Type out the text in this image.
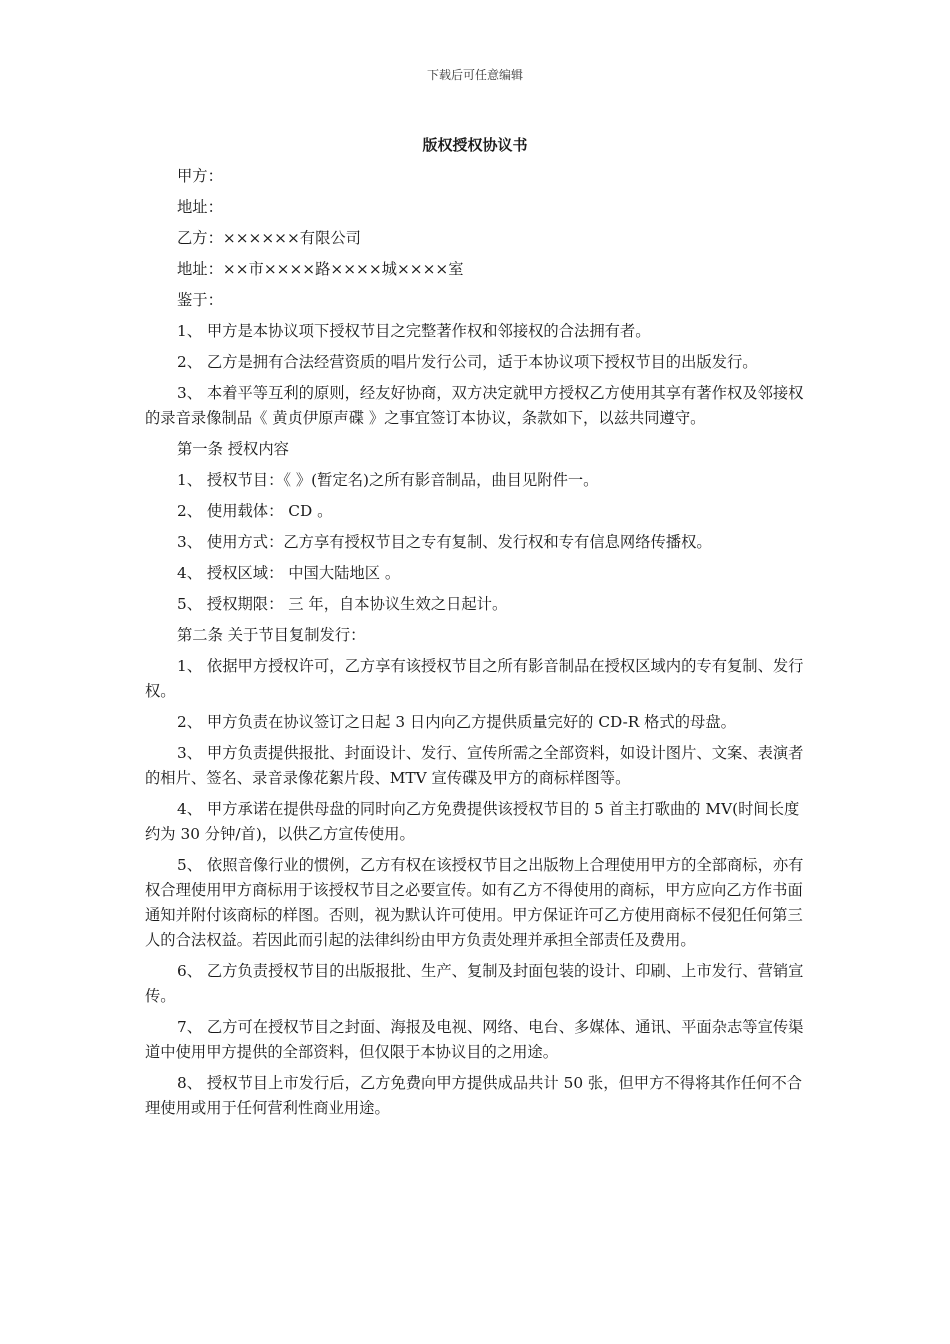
下载后可任意编辑
版权授权协议书

甲方：

地址：

乙方：××××××有限公司

地址：××市××××路××××城××××室

鉴于：

1、 甲方是本协议项下授权节目之完整著作权和邻接权的合法拥有者。

2、 乙方是拥有合法经营资质的唱片发行公司，适于本协议项下授权节目的出版发行。

3、 本着平等互利的原则，经友好协商，双方决定就甲方授权乙方使用其享有著作权及邻接权的录音录像制品《 黄贞伊原声碟 》之事宜签订本协议，条款如下，以兹共同遵守。

第一条 授权内容

1、 授权节目：《 》(暂定名)之所有影音制品，曲目见附件一。

2、 使用载体： CD 。

3、 使用方式：乙方享有授权节目之专有复制、发行权和专有信息网络传播权。

4、 授权区域： 中国大陆地区 。

5、 授权期限： 三 年，自本协议生效之日起计。

第二条 关于节目复制发行：

1、 依据甲方授权许可，乙方享有该授权节目之所有影音制品在授权区域内的专有复制、发行权。

2、 甲方负责在协议签订之日起 3 日内向乙方提供质量完好的 CD-R 格式的母盘。

3、 甲方负责提供报批、封面设计、发行、宣传所需之全部资料，如设计图片、文案、表演者的相片、签名、录音录像花絮片段、MTV 宣传碟及甲方的商标样图等。

4、 甲方承诺在提供母盘的同时向乙方免费提供该授权节目的 5 首主打歌曲的 MV(时间长度约为 30 分钟/首)，以供乙方宣传使用。

5、 依照音像行业的惯例，乙方有权在该授权节目之出版物上合理使用甲方的全部商标，亦有权合理使用甲方商标用于该授权节目之必要宣传。如有乙方不得使用的商标，甲方应向乙方作书面通知并附付该商标的样图。否则，视为默认许可使用。甲方保证许可乙方使用商标不侵犯任何第三人的合法权益。若因此而引起的法律纠纷由甲方负责处理并承担全部责任及费用。

6、 乙方负责授权节目的出版报批、生产、复制及封面包装的设计、印刷、上市发行、营销宣传。

7、 乙方可在授权节目之封面、海报及电视、网络、电台、多媒体、通讯、平面杂志等宣传渠道中使用甲方提供的全部资料，但仅限于本协议目的之用途。

8、 授权节目上市发行后，乙方免费向甲方提供成品共计 50 张，但甲方不得将其作任何不合理使用或用于任何营利性商业用途。
